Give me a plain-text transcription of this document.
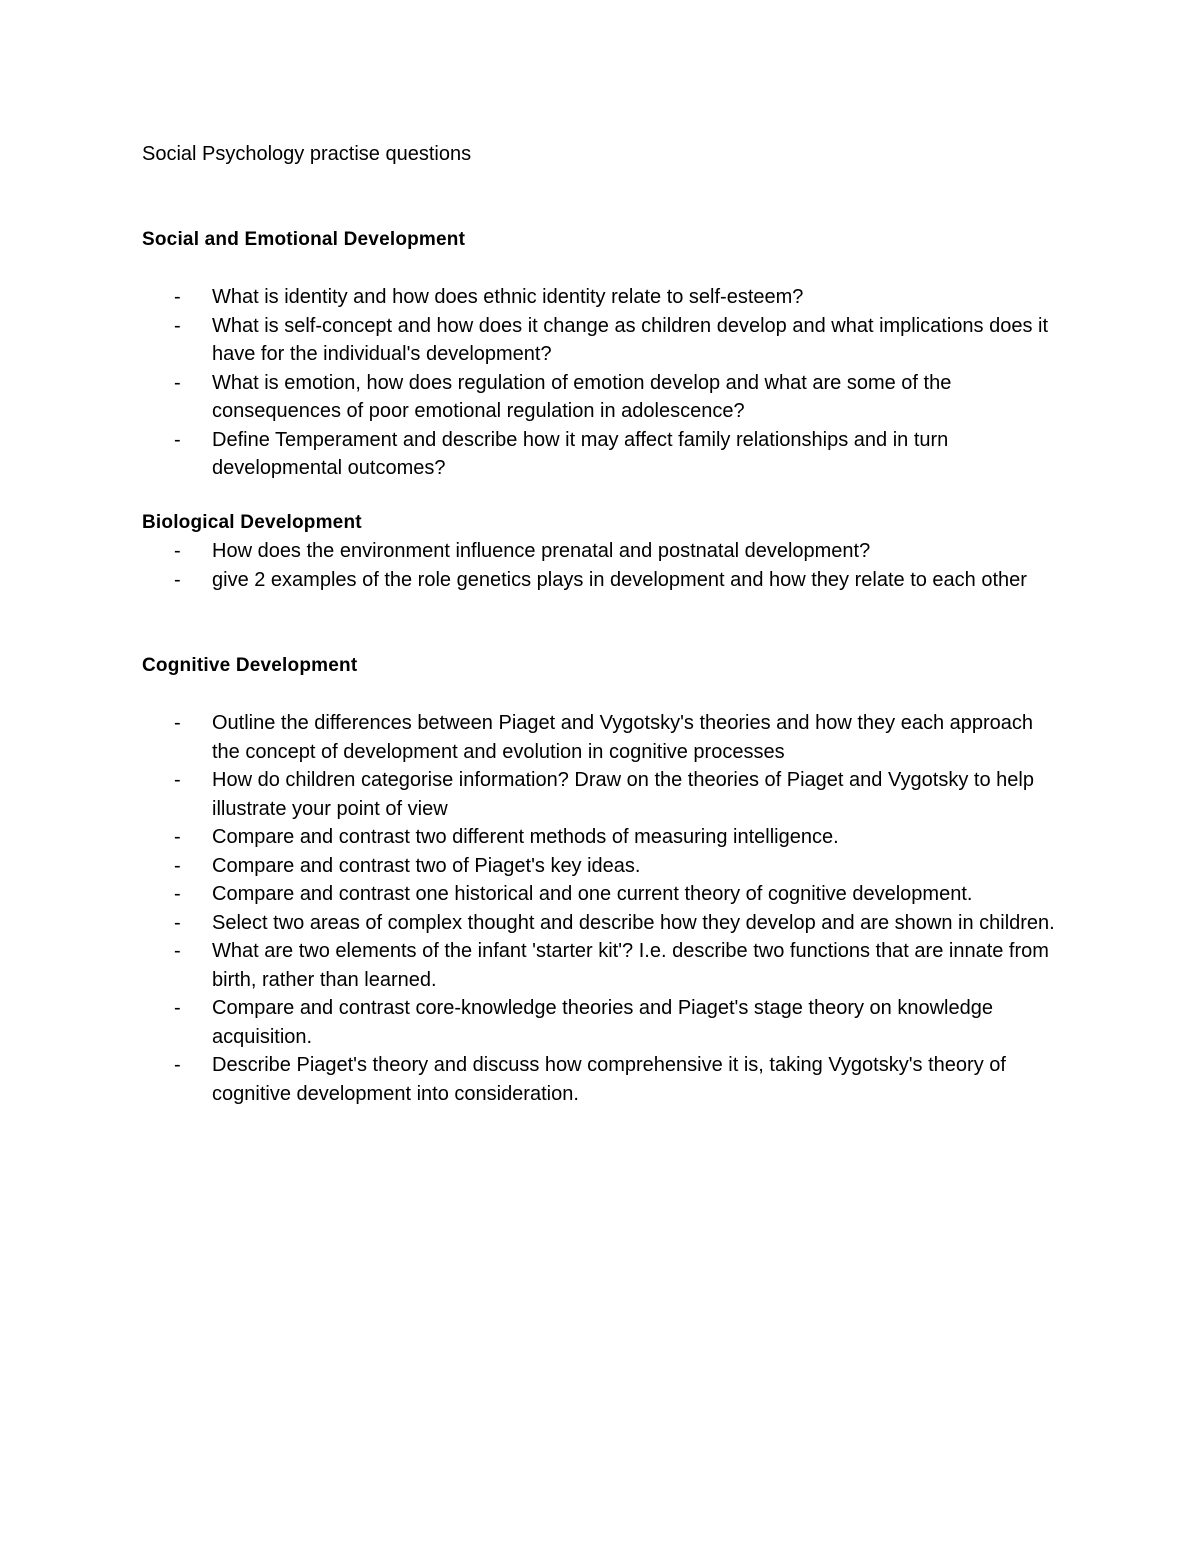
Social Psychology practise questions
Social and Emotional Development
- What is identity and how does ethnic identity relate to self-esteem?
- What is self-concept and how does it change as children develop and what implications does it have for the individual's development?
- What is emotion, how does regulation of emotion develop and what are some of the consequences of poor emotional regulation in adolescence?
- Define Temperament and describe how it may affect family relationships and in turn developmental outcomes?
Biological Development
- How does the environment influence prenatal and postnatal development?
- give 2 examples of the role genetics plays in development and how they relate to each other
Cognitive Development
- Outline the differences between Piaget and Vygotsky's theories and how they each approach the concept of development and evolution in cognitive processes
- How do children categorise information? Draw on the theories of Piaget and Vygotsky to help illustrate your point of view
- Compare and contrast two different methods of measuring intelligence.
- Compare and contrast two of Piaget's key ideas.
- Compare and contrast one historical and one current theory of cognitive development.
- Select two areas of complex thought and describe how they develop and are shown in children.
- What are two elements of the infant 'starter kit'? I.e. describe two functions that are innate from birth, rather than learned.
- Compare and contrast core-knowledge theories and Piaget's stage theory on knowledge acquisition.
- Describe Piaget's theory and discuss how comprehensive it is, taking Vygotsky's theory of cognitive development into consideration.
